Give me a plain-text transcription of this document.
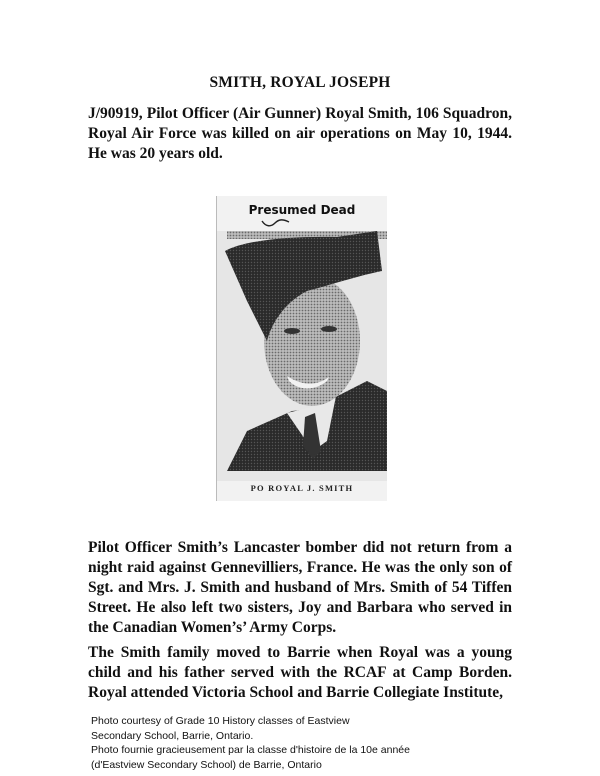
SMITH, ROYAL JOSEPH
J/90919, Pilot Officer (Air Gunner) Royal Smith, 106 Squadron, Royal Air Force was killed on air operations on May 10, 1944. He was 20 years old.
Presumed Dead
PO ROYAL J. SMITH
Pilot Officer Smith’s Lancaster bomber did not return from a night raid against Gennevilliers, France. He was the only son of Sgt. and Mrs. J. Smith and husband of Mrs. Smith of 54 Tiffen Street. He also left two sisters, Joy and Barbara who served in the Canadian Women’s’ Army Corps.
The Smith family moved to Barrie when Royal was a young child and his father served with the RCAF at Camp Borden. Royal attended Victoria School and Barrie Collegiate Institute,
Photo courtesy of Grade 10 History classes of Eastview
Secondary School, Barrie, Ontario.
Photo fournie gracieusement par la classe d'histoire de la 10e année
(d'Eastview Secondary School) de Barrie, Ontario
